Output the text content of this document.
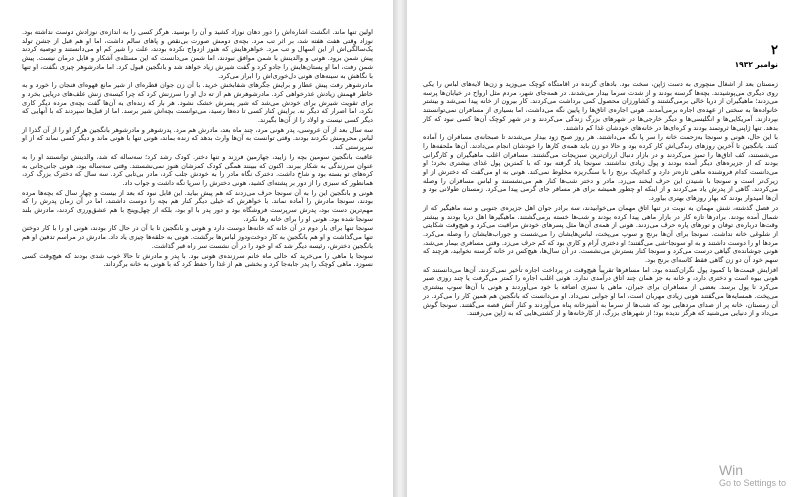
اولین تنها ماند. انگشت اشاره‌اش را دور دهان نوزاد کشید و آن را بوسید. هرگز کسی را به اندازه‌ی نوزادش دوست نداشته بود. نوزاد وقتی هفت هفته شد، بر اثر تب مرد. بچه‌ی دومش صورت بی‌نقص و پاهای سالم داشت، اما او هم قبل از جشن تولد یک‌سالگی‌اش از این اسهال و تب مرد. خواهرهایش که هنوز ازدواج نکرده بودند، علت را شیر کم او می‌دانستند و توصیه کردند پیش شمن برود. هونی و والدینش با شمن موافق نبودند، اما شمن می‌دانست که این مسئله‌ی آشکار و قابل درمان نیست. پیش شمن رفت، اما او پستان‌هایش را جادو کرد و گفت شیرش زیاد خواهد شد و بانگجین قبول کرد. اما مادرشوهر چیزی نگفت، او تنها با نگاهش به سینه‌های هونی دل‌خوری‌اش را ابراز می‌کرد.

مادرشوهر رفت پیش عطار و برایش جگرهای شفابخش خرید. با آن زن جوان قطره‌ای از شیر مانع قهوه‌ای فنجان را خورد و به خاطر قهمش زیادش عذرخواهی کرد. مادرشوهرش هم از ته دل او را سرزنش کرد که چرا کیسه‌ی زنش علف‌های دریایی بخرد و برای تقویت شیرش برای خودش می‌شد که شیر پسرش خشک نشود. هر بار که زنده‌ای به آن‌ها گفت بچه‌ی مرده دیگر کاری نکرد، اما اصرار که دیگر نه. برایش کنار کسی تا ده‌ها رسید، می‌توانست بچه‌اش شیر برسد. اما از قبل‌ها سپردند که با آنهایی که دیگر کسی نیست و اولاد را از آن‌ها بگیرند.

سه سال بعد از آن عروسی، پدر هونی مرد، چند ماه بعد، مادرش هم مرد. پدرشوهر و مادرشوهر بانگجین هرگز او را از آن گذرا از لباس محرومش نکردند بودند. وقتی توانست به آن‌ها وارث بدهد که زنده بماند، هونی تنها با هونی ماند و دیگر کسی نماند که از او سرپرستی کند.

عاقبت بانگجین سومین بچه را زایید، جهارمین فرزند و تنها دختر. کودک رشد کرد؛ سه‌ساله که شد، والدینش توانستند او را به عنوان سرزندگی به شکار ببرند. اکنون که ببینند همگی کودک کمرشان هنوز نمی‌نشستند. وقتی سه‌ساله بود، هونی جانی‌جانی به کره‌های تو بسته بود و شاخ داشت. دخترک نگاه مادر را به خودش جلب کرد، مادر بی‌تابی کرد. سه سال که دخترک بزرگ کرد، همانطور که سبزی را از دور بر پشته‌ای کشید، هونی دخترش را سرپا نگه داشت و جواب داد.

هونی و بانگجین این را به آن سونجا حرف می‌زدند که هم پیش بیاید. این قابل نبود که بعد از بیست و چهار سال که بچه‌ها مرده بودند، سونجا مادرش را آماده نماند. با خواهرش که خیلی دیگر کنار هم بچه را دوست داشتند، اما در آن زمان پدرش را که مهم‌ترین دست بود، پدرش سرپرست فروشگاه بود و دور پدر با او بود، بلکه از چهل‌وپنج با هم عشق‌ورزی کردند، مادرش بلند سونجا شده بود. هونی او را برای خانه رها نکرد.

سونجا تنها برای بار دوم در آن خانه که خانه‌ها دوست دارد و هونی و بانگجین تا با آن در حال کار بودند، هونی او را با کار دوختن تنها می‌گذاشت و او هم بانگجین به کار دوخت‌ودوز لباس‌ها برگشت. هونی به حلقه‌ها چیزی یاد داد. مادرش در مراسم تدفین او هم بانگجین دخترش، رئیسه دیگر شد که او خود را در آن نشست سر راه قبر گذاشت.

سونجا یا ماهی را می‌خرید که حالی ماه خانم سرزنده‌ی هونی بود. با پدر و مادرش تا حالا خوب شدی بودند که هیچ‌وقت کسی نسوزد. ماهی کوچک را پدر جابه‌جا کرد و بخشی هم از غذا را حفظ کرد که با هونی به خانه برگرداند.

۲

نوامبر ۱۹۳۲

زمستان بعد از اشغال منچوری به دست ژاپن، سخت بود. بادهای گزنده در اقامتگاه کوچک می‌وزید و زن‌ها لایه‌های لباس را یکی روی دیگری می‌پوشیدند. بچه‌ها گرسنه بودند و از شدت سرما بیدار می‌شدند. در همه‌جای شهر، مردم مثل ارواح در خیابان‌ها پرسه می‌زدند؛ ماهیگیران از دریا خالی برمی‌گشتند و کشاورزان محصول کمی برداشت می‌کردند. کار بیرون از خانه پیدا نمی‌شد و بیشتر خانواده‌ها به سختی از عهده‌ی اجاره برمی‌آمدند. هونی اجاره‌ی اتاق‌ها را پایین نگه می‌داشت، اما بسیاری از مسافران نمی‌توانستند بپردازند. آمریکایی‌ها و انگلیسی‌ها و دیگر خارجی‌ها در شهرهای بزرگ زندگی می‌کردند و در شهر کوچک آن‌ها کسی نبود که کار بدهد. تنها ژاپنی‌ها ثروتمند بودند و کره‌ای‌ها در خانه‌های خودشان غذا کم داشتند.

با این حال، هونی و سونجا به‌زحمت خانه را سر پا نگه می‌داشتند. هر روز صبح زود بیدار می‌شدند تا صبحانه‌ی مسافران را آماده کنند. بانگجین تا آخرین روزهای زندگی‌اش کار کرده بود و حالا دو زن باید همه‌ی کارها را خودشان انجام می‌دادند. آن‌ها ملحفه‌ها را می‌شستند، کف اتاق‌ها را تمیز می‌کردند و در بازار دنبال ارزان‌ترین سبزیجات می‌گشتند. مسافران اغلب ماهیگیران و کارگرانی بودند که از جزیره‌های دیگر آمده بودند و پول زیادی نداشتند. سونجا یاد گرفته بود که با کمترین پول غذای بیشتری بخرد؛ او می‌دانست کدام فروشنده ماهی تازه‌تر دارد و کدام‌یک برنج را با سنگ‌ریزه مخلوط نمی‌کند. هونی به او می‌گفت که دخترش از او زیرک‌تر است و سونجا با شنیدن این حرف لبخند می‌زد. مادر و دختر شب‌ها کنار هم می‌نشستند و لباس مسافران را وصله می‌کردند. گاهی از پدرش یاد می‌کردند و از اینکه او چطور همیشه برای هر مسافر جای گرمی پیدا می‌کرد. زمستان طولانی بود و آن‌ها امیدوار بودند که بهار روزهای بهتری بیاورد.

در فصل گذشته، شش مهمان به نوبت در تنها اتاق مهمان می‌خوابیدند، سه برادر جوان اهل جزیره‌ی جنوبی و سه ماهیگیر که از شمال آمده بودند. برادرها تازه کار در بازار ماهی پیدا کرده بودند و شب‌ها خسته برمی‌گشتند. ماهیگیرها اهل دریا بودند و بیشتر وقت‌ها درباره‌ی توفان و تورهای پاره حرف می‌زدند. هونی از همه‌ی آن‌ها مثل پسرهای خودش مراقبت می‌کرد و هیچ‌وقت شکایتی از شلوغی خانه نداشت. سونجا برای آن‌ها برنج و سوپ می‌پخت، لباس‌هایشان را می‌شست و جوراب‌هایشان را وصله می‌کرد. مردها او را دوست داشتند و به او سونجا-شی می‌گفتند؛ او دختری آرام و کاری بود که کم حرف می‌زد. وقتی مسافری بیمار می‌شد، هونی جوشانده‌ی گیاهی درست می‌کرد و سونجا کنار بسترش می‌نشست. در آن سال‌ها، هیچ‌کس در خانه گرسنه نخوابید، هرچند که سهم خود آن دو زن گاهی فقط کاسه‌ای برنج بود.

افزایش قیمت‌ها با کمبود پول نگران‌کننده بود. اما مسافرها تقریباً هیچ‌وقت در پرداخت اجاره تأخیر نمی‌کردند. آن‌ها می‌دانستند که هونی بیوه است و دختری دارد، و خانه به جز همان چند اتاق درآمدی ندارد. هونی اغلب اجاره را کمتر می‌گرفت یا چند روزی صبر می‌کرد تا پول برسد. بعضی از مسافران برای جبران، ماهی یا سبزی اضافه با خود می‌آوردند و هونی با آن‌ها سوپ بیشتری می‌پخت. همسایه‌ها می‌گفتند هونی زیادی مهربان است، اما او جوابی نمی‌داد. او می‌دانست که بانگجین هم همین کار را می‌کرد. در آن زمستان، خانه پر از صدای مردهایی بود که شب‌ها از سرما به آشپزخانه پناه می‌آوردند و کنار آتش قصه می‌گفتند. سونجا گوش می‌داد و از دنیایی می‌شنید که هرگز ندیده بود؛ از شهرهای بزرگ، از کارخانه‌ها و از کشتی‌هایی که به ژاپن می‌رفتند.

Win
Go to Settings to
